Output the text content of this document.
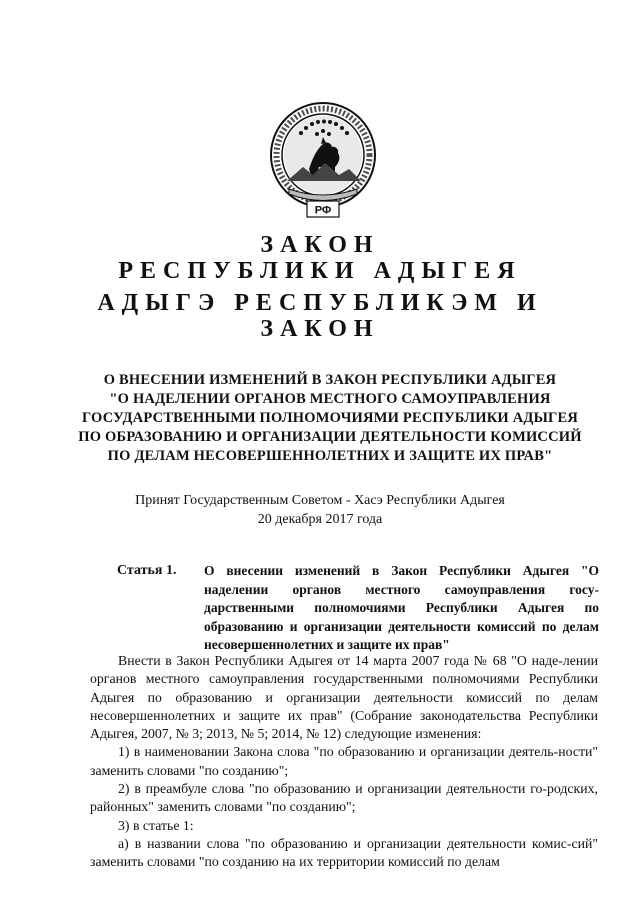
РФ
ЗАКОН
РЕСПУБЛИКИ АДЫГЕЯ
АДЫГЭ РЕСПУБЛИКЭМ И
ЗАКОН
О ВНЕСЕНИИ ИЗМЕНЕНИЙ В ЗАКОН РЕСПУБЛИКИ АДЫГЕЯ
"О НАДЕЛЕНИИ ОРГАНОВ МЕСТНОГО САМОУПРАВЛЕНИЯ
ГОСУДАРСТВЕННЫМИ ПОЛНОМОЧИЯМИ РЕСПУБЛИКИ АДЫГЕЯ
ПО ОБРАЗОВАНИЮ И ОРГАНИЗАЦИИ ДЕЯТЕЛЬНОСТИ КОМИССИЙ
ПО ДЕЛАМ НЕСОВЕРШЕННОЛЕТНИХ И ЗАЩИТЕ ИХ ПРАВ"
Принят Государственным Советом - Хасэ Республики Адыгея
20 декабря 2017 года
Статья 1. О внесении изменений в Закон Республики Адыгея "О наделении органов местного самоуправления госу-дарственными полномочиями Республики Адыгея по образованию и организации деятельности комиссий по делам несовершеннолетних и защите их прав"

Внести в Закон Республики Адыгея от 14 марта 2007 года № 68 "О наде-лении органов местного самоуправления государственными полномочиями Республики Адыгея по образованию и организации деятельности комиссий по делам несовершеннолетних и защите их прав" (Собрание законодательства Республики Адыгея, 2007, № 3; 2013, № 5; 2014, № 12) следующие изменения:

1) в наименовании Закона слова "по образованию и организации деятель-ности" заменить словами "по созданию";

2) в преамбуле слова "по образованию и организации деятельности го-родских, районных" заменить словами "по созданию";

3) в статье 1:

а) в названии слова "по образованию и организации деятельности комис-сий" заменить словами "по созданию на их территории комиссий по делам
